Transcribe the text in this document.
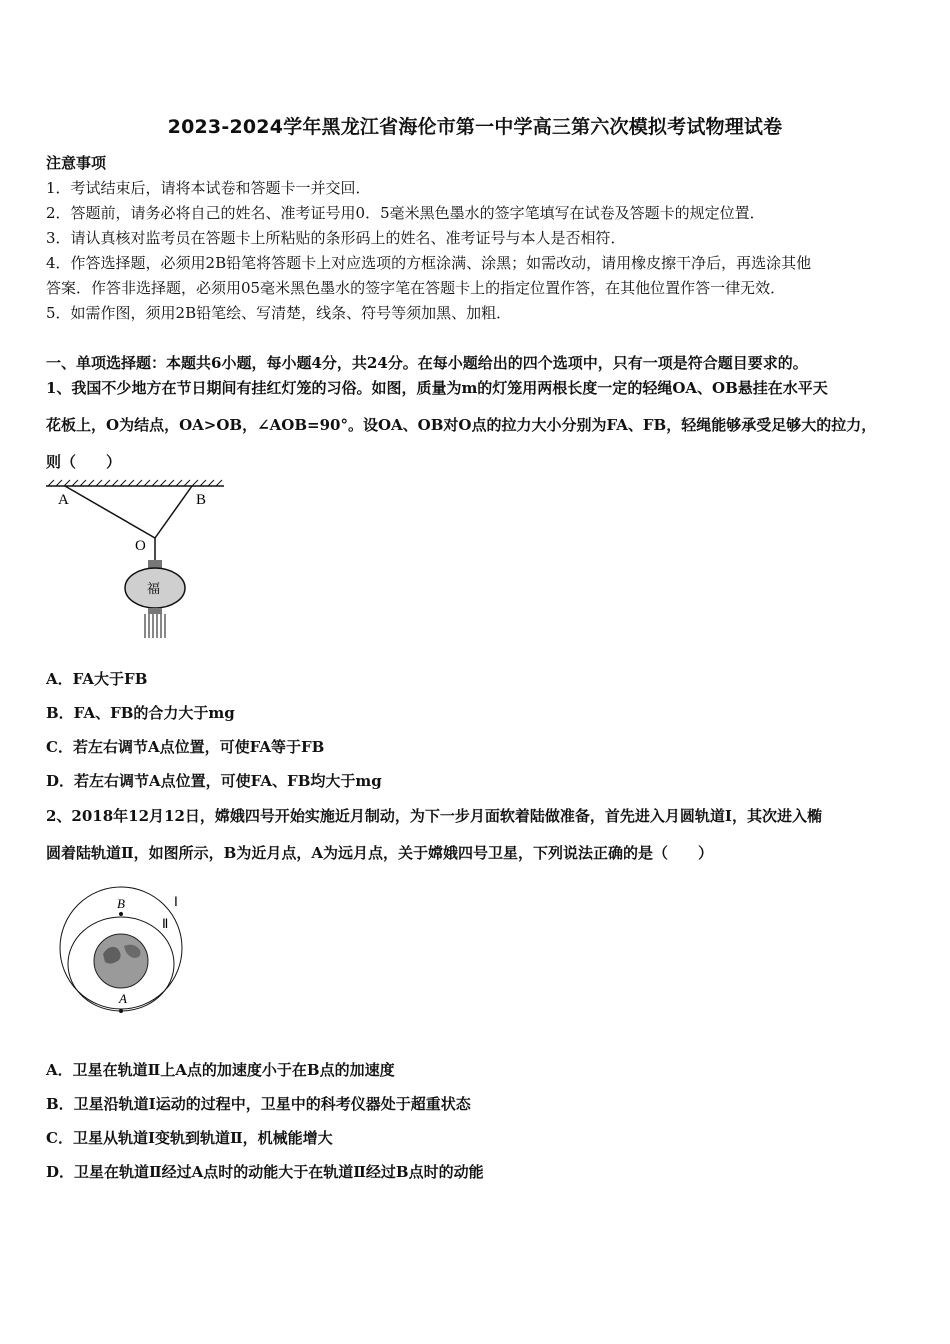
2023-2024学年黑龙江省海伦市第一中学高三第六次模拟考试物理试卷
注意事项
1．考试结束后，请将本试卷和答题卡一并交回．
2．答题前，请务必将自己的姓名、准考证号用0．5毫米黑色墨水的签字笔填写在试卷及答题卡的规定位置．
3．请认真核对监考员在答题卡上所粘贴的条形码上的姓名、准考证号与本人是否相符．
4．作答选择题，必须用2B铅笔将答题卡上对应选项的方框涂满、涂黑；如需改动，请用橡皮擦干净后，再选涂其他
答案．作答非选择题，必须用05毫米黑色墨水的签字笔在答题卡上的指定位置作答，在其他位置作答一律无效．
5．如需作图，须用2B铅笔绘、写清楚，线条、符号等须加黑、加粗．
一、单项选择题：本题共6小题，每小题4分，共24分。在每小题给出的四个选项中，只有一项是符合题目要求的。
1、我国不少地方在节日期间有挂红灯笼的习俗。如图，质量为m的灯笼用两根长度一定的轻绳OA、OB悬挂在水平天
花板上，O为结点，OA>OB，∠AOB=90°。设OA、OB对O点的拉力大小分别为FA、FB，轻绳能够承受足够大的拉力，
则（　　）
A	B
O
福
A．FA大于FB
B．FA、FB的合力大于mg
C．若左右调节A点位置，可使FA等于FB
D．若左右调节A点位置，可使FA、FB均大于mg
2、2018年12月12日，嫦娥四号开始实施近月制动，为下一步月面软着陆做准备，首先进入月圆轨道Ⅰ，其次进入椭
圆着陆轨道Ⅱ，如图所示，B为近月点，A为远月点，关于嫦娥四号卫星，下列说法正确的是（　　）
B
A
Ⅰ
Ⅱ
A．卫星在轨道Ⅱ上A点的加速度小于在B点的加速度
B．卫星沿轨道Ⅰ运动的过程中，卫星中的科考仪器处于超重状态
C．卫星从轨道Ⅰ变轨到轨道Ⅱ，机械能增大
D．卫星在轨道Ⅱ经过A点时的动能大于在轨道Ⅱ经过B点时的动能
